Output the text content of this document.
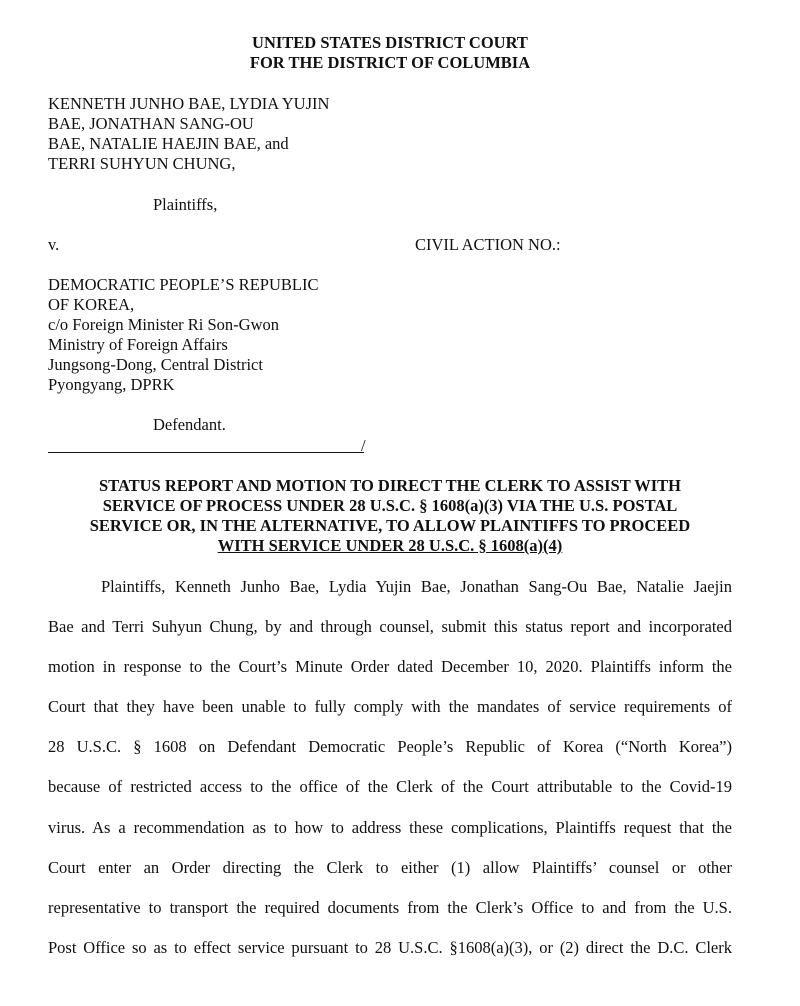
UNITED STATES DISTRICT COURT
FOR THE DISTRICT OF COLUMBIA
KENNETH JUNHO BAE, LYDIA YUJIN
BAE, JONATHAN SANG-OU
BAE, NATALIE HAEJIN BAE, and
TERRI SUHYUN CHUNG,
Plaintiffs,
v.	CIVIL ACTION NO.:
DEMOCRATIC PEOPLE’S REPUBLIC
OF KOREA,
c/o Foreign Minister Ri Son-Gwon
Ministry of Foreign Affairs
Jungsong-Dong, Central District
Pyongyang, DPRK
Defendant.
/
STATUS REPORT AND MOTION TO DIRECT THE CLERK TO ASSIST WITH
SERVICE OF PROCESS UNDER 28 U.S.C. § 1608(a)(3) VIA THE U.S. POSTAL
SERVICE OR, IN THE ALTERNATIVE, TO ALLOW PLAINTIFFS TO PROCEED
WITH SERVICE UNDER 28 U.S.C. § 1608(a)(4)
Plaintiffs, Kenneth Junho Bae, Lydia Yujin Bae, Jonathan Sang-Ou Bae, Natalie Jaejin
Bae and Terri Suhyun Chung, by and through counsel, submit this status report and incorporated
motion in response to the Court’s Minute Order dated December 10, 2020. Plaintiffs inform the
Court that they have been unable to fully comply with the mandates of service requirements of
28 U.S.C. § 1608 on Defendant Democratic People’s Republic of Korea (“North Korea”)
because of restricted access to the office of the Clerk of the Court attributable to the Covid-19
virus. As a recommendation as to how to address these complications, Plaintiffs request that the
Court enter an Order directing the Clerk to either (1) allow Plaintiffs’ counsel or other
representative to transport the required documents from the Clerk’s Office to and from the U.S.
Post Office so as to effect service pursuant to 28 U.S.C. §1608(a)(3), or (2) direct the D.C. Clerk
